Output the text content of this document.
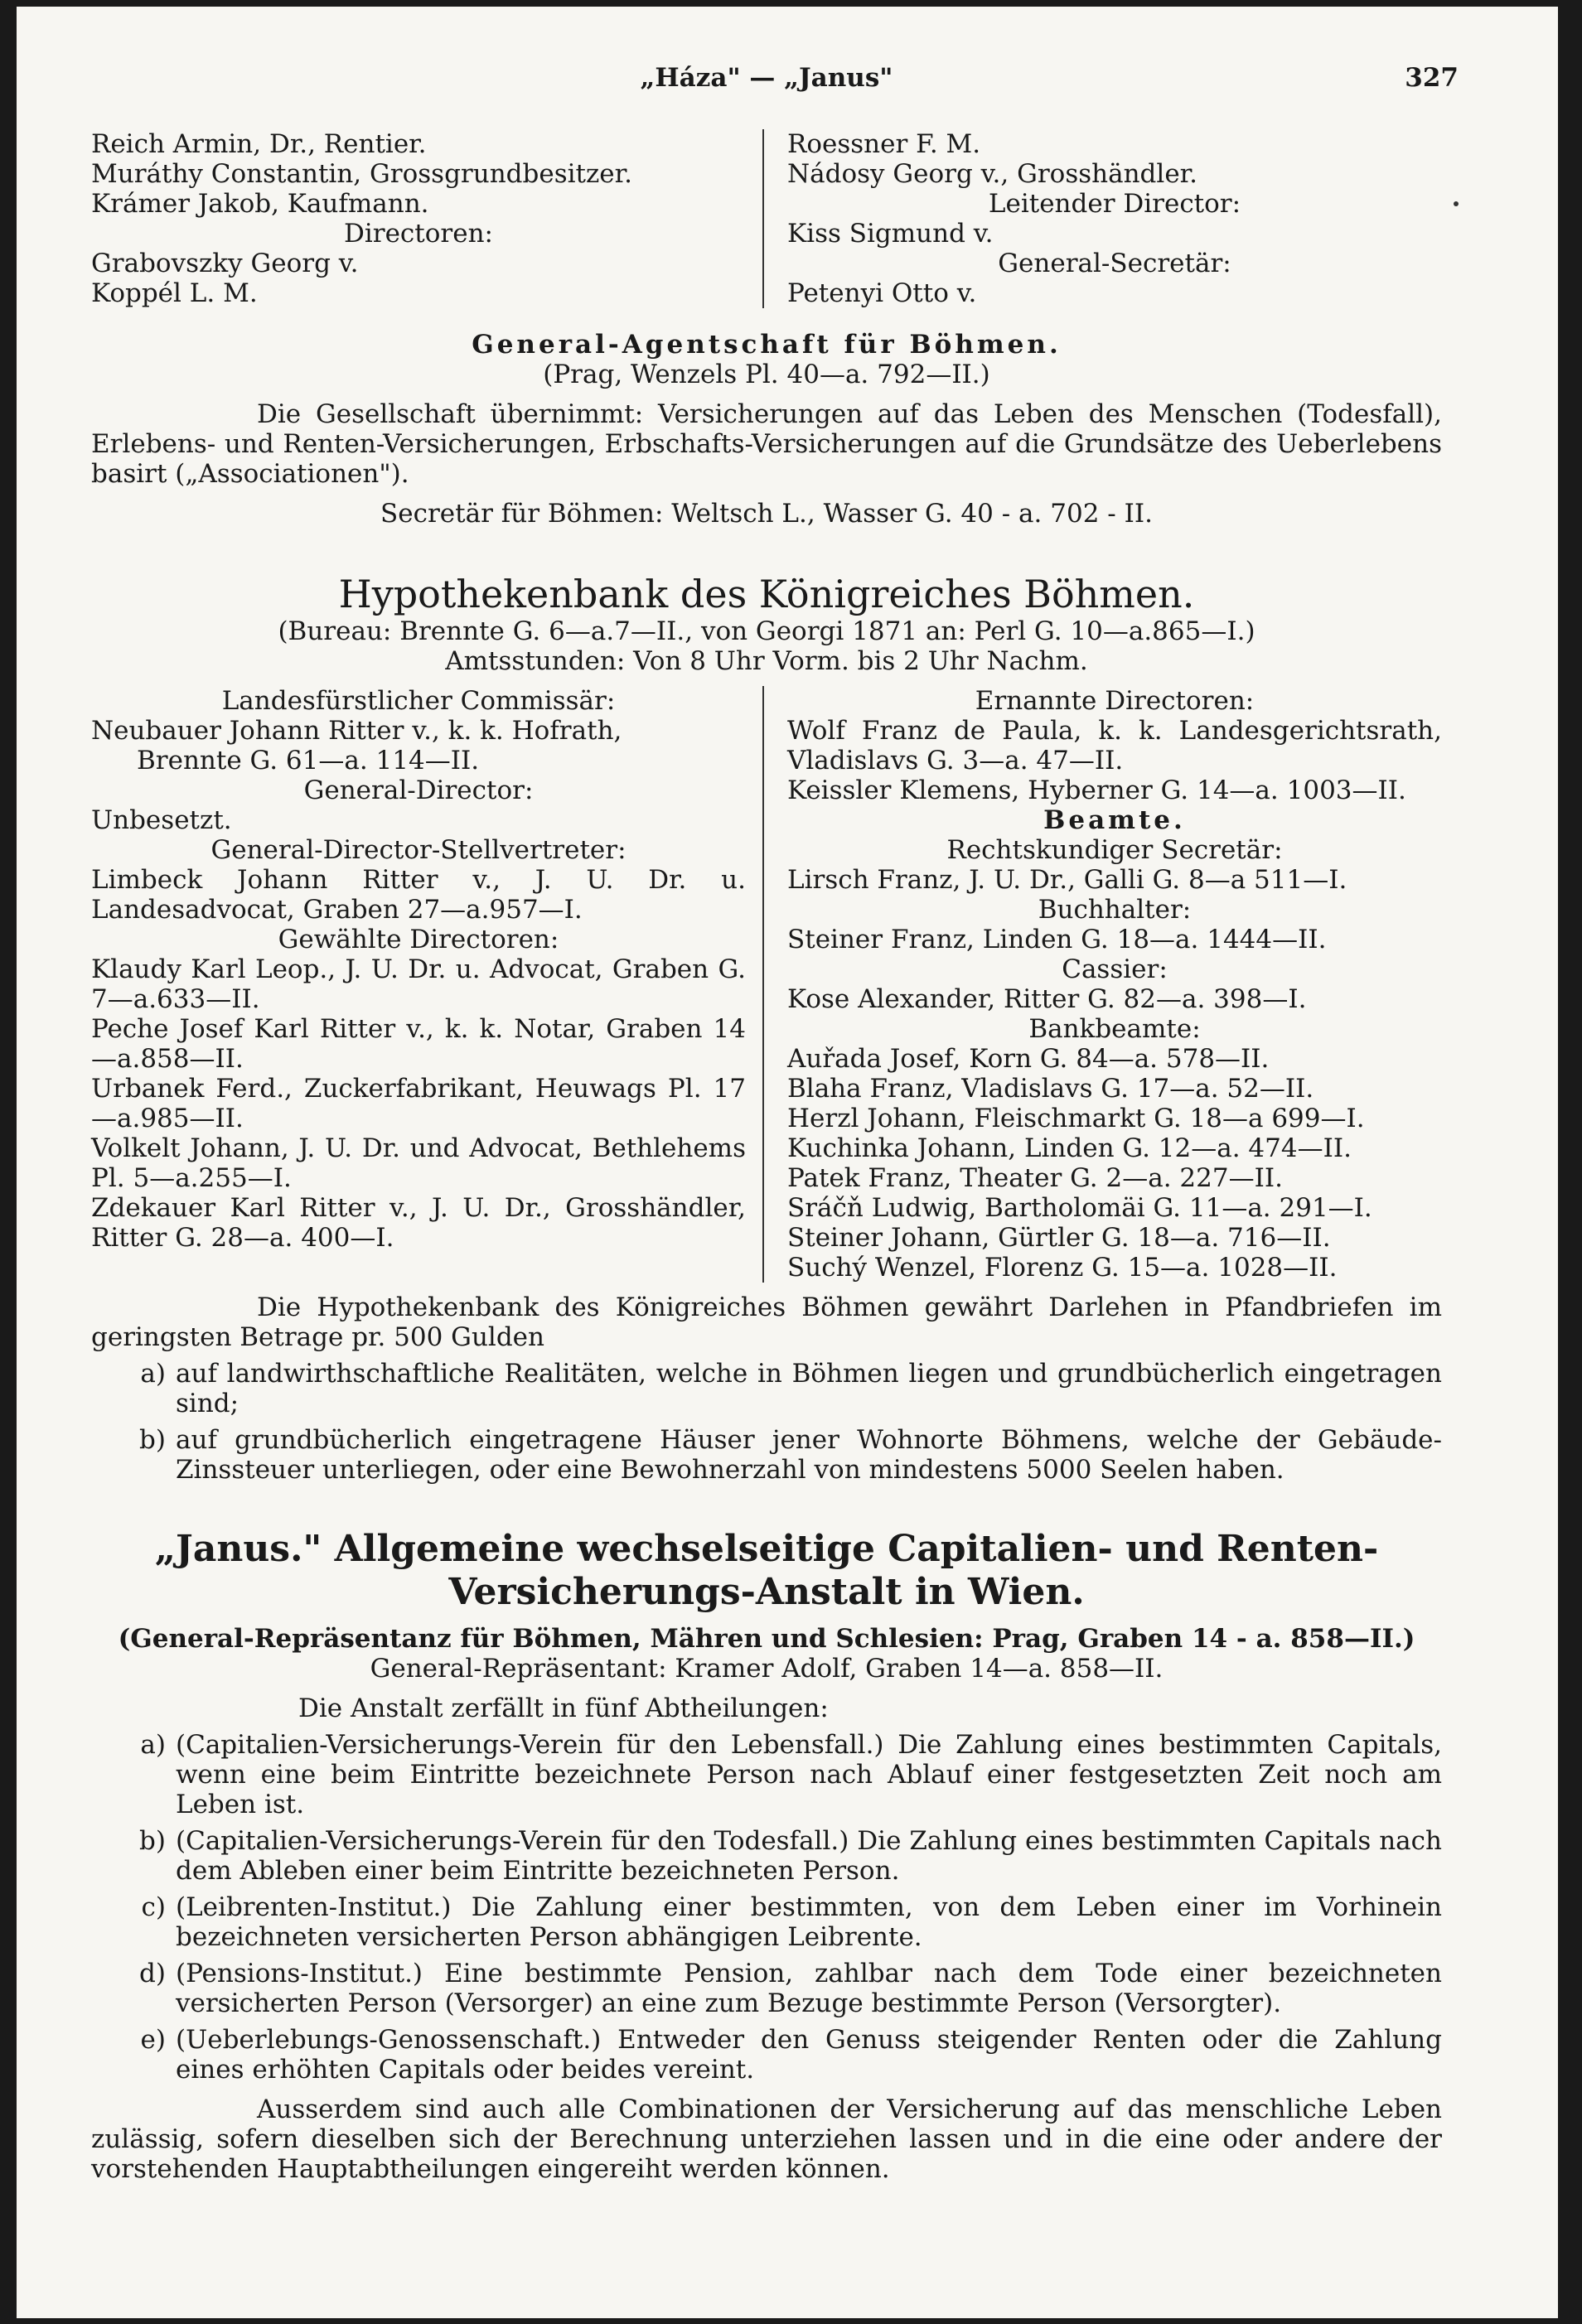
„Háza" — „Janus"	327
Reich Armin, Dr., Rentier.
Muráthy Constantin, Grossgrundbesitzer.
Krámer Jakob, Kaufmann.
Directoren:
Grabovszky Georg v.
Koppél L. M.
Roessner F. M.
Nádosy Georg v., Grosshändler.
Leitender Director:
Kiss Sigmund v.
General-Secretär:
Petenyi Otto v.
General-Agentschaft für Böhmen.
(Prag, Wenzels Pl. 40—a. 792—II.)
Die Gesellschaft übernimmt: Versicherungen auf das Leben des Menschen (Todesfall), Erlebens- und Renten-Versicherungen, Erbschafts-Versicherungen auf die Grundsätze des Ueberlebens basirt („Associationen").
Secretär für Böhmen: Weltsch L., Wasser G. 40 - a. 702 - II.
Hypothekenbank des Königreiches Böhmen.
(Bureau: Brennte G. 6—a.7—II., von Georgi 1871 an: Perl G. 10—a.865—I.)
Amtsstunden: Von 8 Uhr Vorm. bis 2 Uhr Nachm.
Landesfürstlicher Commissär:
Neubauer Johann Ritter v., k. k. Hofrath,
Brennte G. 61—a. 114—II.
General-Director:
Unbesetzt.
General-Director-Stellvertreter:
Limbeck Johann Ritter v., J. U. Dr. u. Landesadvocat, Graben 27—a.957—I.
Gewählte Directoren:
Klaudy Karl Leop., J. U. Dr. u. Advocat, Graben G. 7—a.633—II.
Peche Josef Karl Ritter v., k. k. Notar, Graben 14—a.858—II.
Urbanek Ferd., Zuckerfabrikant, Heuwags Pl. 17—a.985—II.
Volkelt Johann, J. U. Dr. und Advocat, Bethlehems Pl. 5—a.255—I.
Zdekauer Karl Ritter v., J. U. Dr., Grosshändler, Ritter G. 28—a. 400—I.
Ernannte Directoren:
Wolf Franz de Paula, k. k. Landesgerichtsrath, Vladislavs G. 3—a. 47—II.
Keissler Klemens, Hyberner G. 14—a. 1003—II.
Beamte.
Rechtskundiger Secretär:
Lirsch Franz, J. U. Dr., Galli G. 8—a 511—I.
Buchhalter:
Steiner Franz, Linden G. 18—a. 1444—II.
Cassier:
Kose Alexander, Ritter G. 82—a. 398—I.
Bankbeamte:
Auřada Josef, Korn G. 84—a. 578—II.
Blaha Franz, Vladislavs G. 17—a. 52—II.
Herzl Johann, Fleischmarkt G. 18—a 699—I.
Kuchinka Johann, Linden G. 12—a. 474—II.
Patek Franz, Theater G. 2—a. 227—II.
Sráčň Ludwig, Bartholomäi G. 11—a. 291—I.
Steiner Johann, Gürtler G. 18—a. 716—II.
Suchý Wenzel, Florenz G. 15—a. 1028—II.
Die Hypothekenbank des Königreiches Böhmen gewährt Darlehen in Pfandbriefen im geringsten Betrage pr. 500 Gulden
a) auf landwirthschaftliche Realitäten, welche in Böhmen liegen und grundbücherlich eingetragen sind;
b) auf grundbücherlich eingetragene Häuser jener Wohnorte Böhmens, welche der Gebäude-Zinssteuer unterliegen, oder eine Bewohnerzahl von mindestens 5000 Seelen haben.
„Janus." Allgemeine wechselseitige Capitalien- und Renten-Versicherungs-Anstalt in Wien.
(General-Repräsentanz für Böhmen, Mähren und Schlesien: Prag, Graben 14 - a. 858—II.)
General-Repräsentant: Kramer Adolf, Graben 14—a. 858—II.
Die Anstalt zerfällt in fünf Abtheilungen:
a) (Capitalien-Versicherungs-Verein für den Lebensfall.) Die Zahlung eines bestimmten Capitals, wenn eine beim Eintritte bezeichnete Person nach Ablauf einer festgesetzten Zeit noch am Leben ist.
b) (Capitalien-Versicherungs-Verein für den Todesfall.) Die Zahlung eines bestimmten Capitals nach dem Ableben einer beim Eintritte bezeichneten Person.
c) (Leibrenten-Institut.) Die Zahlung einer bestimmten, von dem Leben einer im Vorhinein bezeichneten versicherten Person abhängigen Leibrente.
d) (Pensions-Institut.) Eine bestimmte Pension, zahlbar nach dem Tode einer bezeichneten versicherten Person (Versorger) an eine zum Bezuge bestimmte Person (Versorgter).
e) (Ueberlebungs-Genossenschaft.) Entweder den Genuss steigender Renten oder die Zahlung eines erhöhten Capitals oder beides vereint.
Ausserdem sind auch alle Combinationen der Versicherung auf das menschliche Leben zulässig, sofern dieselben sich der Berechnung unterziehen lassen und in die eine oder andere der vorstehenden Hauptabtheilungen eingereiht werden können.
